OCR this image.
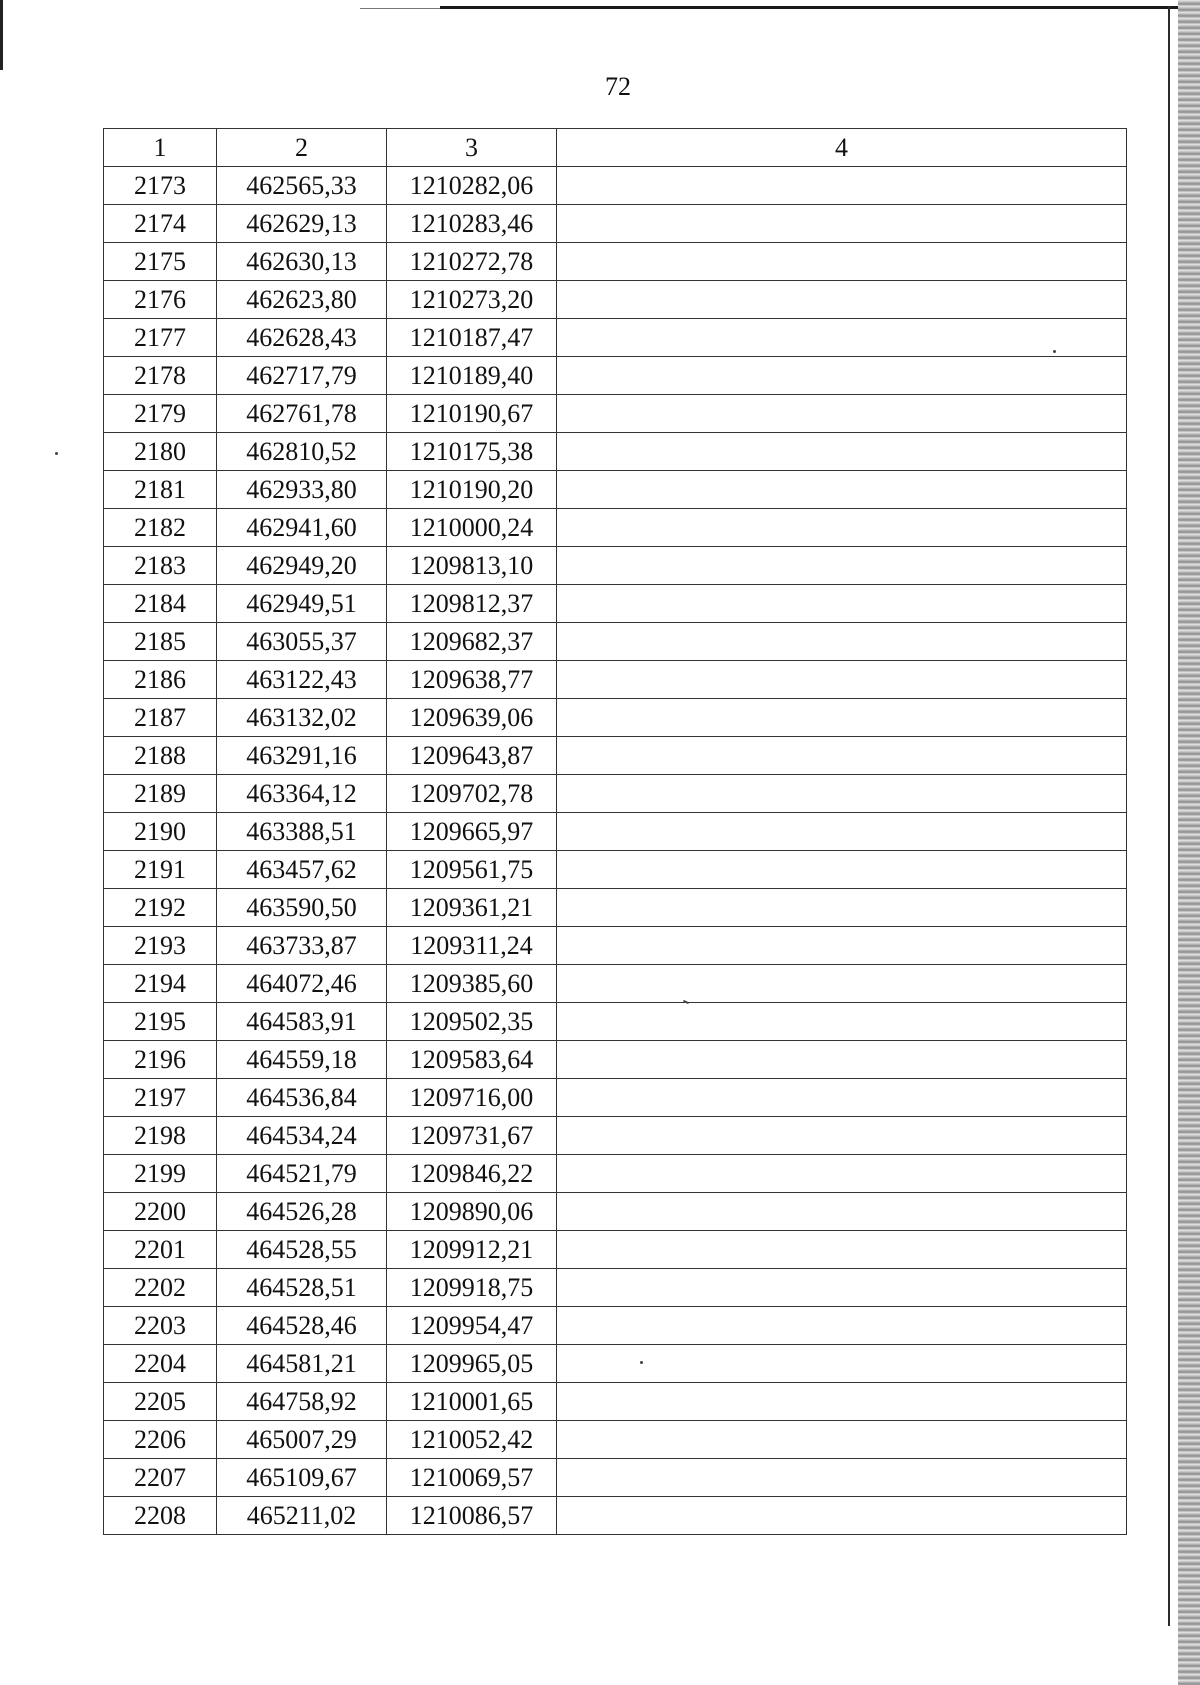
72
1	2	3	4
2173	462565,33	1210282,06	
2174	462629,13	1210283,46	
2175	462630,13	1210272,78	
2176	462623,80	1210273,20	
2177	462628,43	1210187,47	
2178	462717,79	1210189,40	
2179	462761,78	1210190,67	
2180	462810,52	1210175,38	
2181	462933,80	1210190,20	
2182	462941,60	1210000,24	
2183	462949,20	1209813,10	
2184	462949,51	1209812,37	
2185	463055,37	1209682,37	
2186	463122,43	1209638,77	
2187	463132,02	1209639,06	
2188	463291,16	1209643,87	
2189	463364,12	1209702,78	
2190	463388,51	1209665,97	
2191	463457,62	1209561,75	
2192	463590,50	1209361,21	
2193	463733,87	1209311,24	
2194	464072,46	1209385,60	
2195	464583,91	1209502,35	
2196	464559,18	1209583,64	
2197	464536,84	1209716,00	
2198	464534,24	1209731,67	
2199	464521,79	1209846,22	
2200	464526,28	1209890,06	
2201	464528,55	1209912,21	
2202	464528,51	1209918,75	
2203	464528,46	1209954,47	
2204	464581,21	1209965,05	
2205	464758,92	1210001,65	
2206	465007,29	1210052,42	
2207	465109,67	1210069,57	
2208	465211,02	1210086,57	
